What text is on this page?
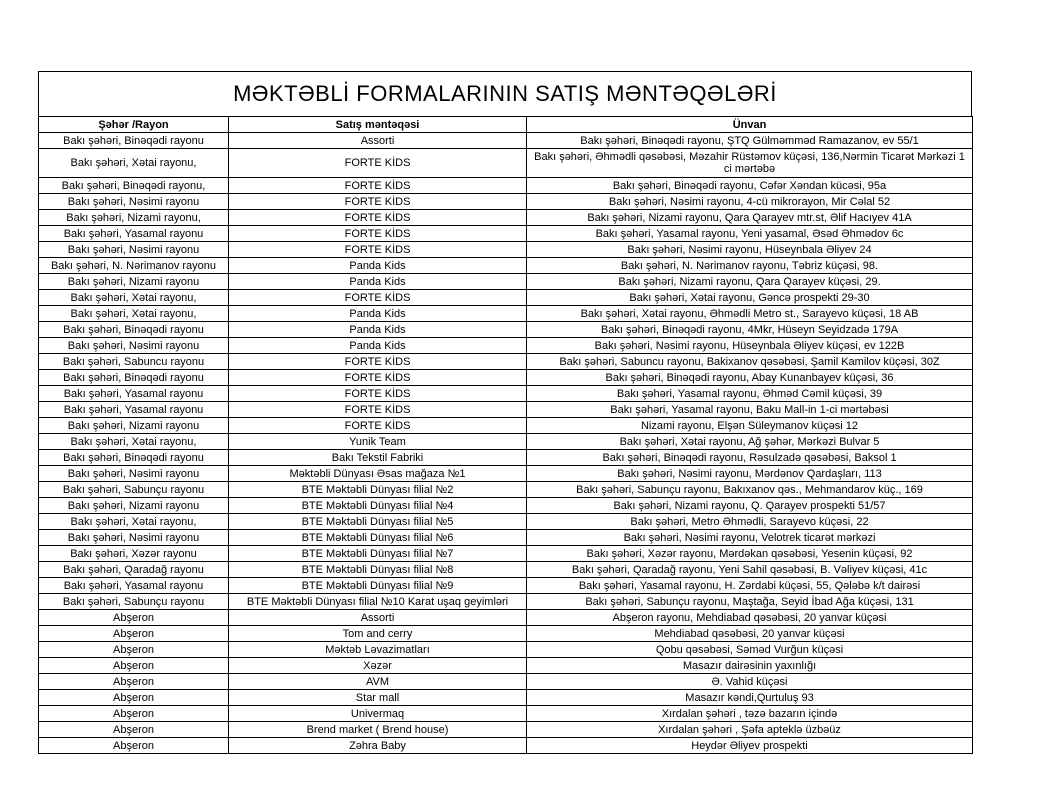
MƏKTƏBLİ FORMALARININ SATIŞ MƏNTƏQƏLƏRİ
Şəhər /Rayon	Satış məntəqəsi	Ünvan
Bakı şəhəri, Binəqədi rayonu	Assorti	Bakı şəhəri, Binəqədi rayonu, ŞTQ Gülməmməd Ramazanov, ev 55/1
Bakı şəhəri, Xətai rayonu,	FORTE KİDS	Bakı şəhəri, Əhmədli qəsəbəsi, Məzahir Rüstəmov küçəsi, 136,Nərmin Ticarət Mərkəzi 1 ci mərtəbə
Bakı şəhəri, Binəqədi rayonu,	FORTE KİDS	Bakı şəhəri, Binəqədi rayonu, Cəfər Xəndan kücəsi, 95a
Bakı şəhəri, Nəsimi rayonu	FORTE KİDS	Bakı şəhəri, Nəsimi rayonu, 4-cü mikrorayon, Mir Cəlal 52
Bakı şəhəri, Nizami rayonu,	FORTE KİDS	Bakı şəhəri, Nizami rayonu, Qara Qarayev mtr.st, Əlif Hacıyev 41A
Bakı şəhəri, Yasamal rayonu	FORTE KİDS	Bakı şəhəri, Yasamal rayonu, Yeni yasamal, Əsəd Əhmədov 6c
Bakı şəhəri, Nəsimi rayonu	FORTE KİDS	Bakı şəhəri, Nəsimi rayonu, Hüseynbala Əliyev 24
Bakı şəhəri, N. Nərimanov rayonu	Panda Kids	Bakı şəhəri, N. Nərimanov rayonu, Təbriz küçəsi, 98.
Bakı şəhəri, Nizami rayonu	Panda Kids	Bakı şəhəri, Nizami rayonu, Qara Qarayev küçəsi, 29.
Bakı şəhəri, Xətai rayonu,	FORTE KİDS	Bakı şəhəri, Xətai rayonu, Gəncə prospekti 29-30
Bakı şəhəri, Xətai rayonu,	Panda Kids	Bakı şəhəri, Xətai rayonu, Əhmədli Metro st., Sarayevo küçəsi, 18 AB
Bakı şəhəri, Binəqədi rayonu	Panda Kids	Bakı şəhəri, Binəqədi rayonu, 4Mkr, Hüseyn Seyidzadə 179A
Bakı şəhəri, Nəsimi rayonu	Panda Kids	Bakı şəhəri, Nəsimi rayonu, Hüseynbala Əliyev küçəsi, ev 122B
Bakı şəhəri, Sabuncu rayonu	FORTE KİDS	Bakı şəhəri, Sabuncu rayonu, Bakixanov qəsəbəsi, Şamil Kamilov küçəsi, 30Z
Bakı şəhəri, Binəqədi rayonu	FORTE KİDS	Bakı şəhəri, Binəqədi rayonu, Abay Kunanbayev küçəsi, 36
Bakı şəhəri, Yasamal rayonu	FORTE KİDS	Bakı şəhəri, Yasamal rayonu, Əhməd Cəmil küçəsi, 39
Bakı şəhəri, Yasamal rayonu	FORTE KİDS	Bakı şəhəri, Yasamal rayonu, Baku Mall-in 1-ci mərtəbəsi
Bakı şəhəri, Nizami rayonu	FORTE KİDS	Nizami rayonu, Elşən Süleymanov küçəsi 12
Bakı şəhəri, Xətai rayonu,	Yunik Team	Bakı şəhəri, Xətai rayonu, Ağ şəhər, Mərkəzi Bulvar 5
Bakı şəhəri, Binəqədi rayonu	Bakı Tekstil Fabriki	Bakı şəhəri, Binəqədi rayonu, Rəsulzadə qəsəbəsi, Baksol 1
Bakı şəhəri, Nəsimi rayonu	Məktəbli Dünyası Əsas mağaza №1	Bakı şəhəri, Nəsimi rayonu, Mərdənov Qardaşları, 113
Bakı şəhəri, Sabunçu rayonu	BTE Məktəbli Dünyası filial №2	Bakı şəhəri, Sabunçu rayonu, Bakıxanov qəs., Mehmandarov küç., 169
Bakı şəhəri, Nizami rayonu	BTE Məktəbli Dünyası filial №4	Bakı şəhəri, Nizami rayonu, Q. Qarayev prospekti 51/57
Bakı şəhəri, Xətai rayonu,	BTE Məktəbli Dünyası filial №5	Bakı şəhəri, Metro Əhmədli, Sarayevo küçəsi, 22
Bakı şəhəri, Nəsimi rayonu	BTE Məktəbli Dünyası filial №6	Bakı şəhəri, Nəsimi rayonu, Velotrek ticarət mərkəzi
Bakı şəhəri, Xəzər rayonu	BTE Məktəbli Dünyası filial №7	Bakı şəhəri, Xəzər rayonu, Mərdəkan qəsəbəsi, Yesenin küçəsi, 92
Bakı şəhəri, Qaradağ rayonu	BTE Məktəbli Dünyası filial №8	Bakı şəhəri, Qaradağ rayonu, Yeni Sahil qəsəbəsi, B. Vəliyev küçəsi, 41c
Bakı şəhəri, Yasamal rayonu	BTE Məktəbli Dünyası filial №9	Bakı şəhəri, Yasamal rayonu, H. Zərdabi küçəsi, 55, Qələbə k/t dairəsi
Bakı şəhəri, Sabunçu rayonu	BTE Məktəbli Dünyası filial №10 Karat uşaq geyimləri	Bakı şəhəri, Sabunçu rayonu, Maştağa, Seyid İbad Ağa küçəsi, 131
Abşeron	Assorti	Abşeron rayonu, Mehdiabad qəsəbəsi, 20 yanvar küçəsi
Abşeron	Tom and cerry	Mehdiabad qəsəbəsi, 20 yanvar küçəsi
Abşeron	Məktəb Ləvazimatları	Qobu qəsəbəsi, Səməd Vurğun küçəsi
Abşeron	Xəzər	Masazır dairəsinin yaxınlığı
Abşeron	AVM	Ə. Vahid küçəsi
Abşeron	Star mall	Masazır kəndi,Qurtuluş 93
Abşeron	Univermaq	Xırdalan şəhəri , təzə bazarın içində
Abşeron	Brend market ( Brend house)	Xırdalan şəhəri , Şəfa apteklə üzbəüz
Abşeron	Zəhra Baby	Heydər Əliyev prospekti
